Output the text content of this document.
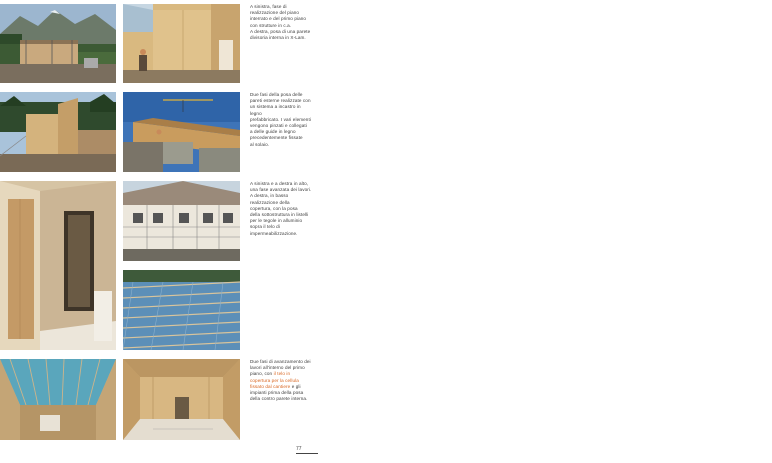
A sinistra, fase di
realizzazione del piano
interrato e del primo piano
con strutture in c.a.
A destra, posa di una parete
divisoria interna in X-Lam.
Due fasi della posa delle
pareti esterne realizzate con
un sistema a incastro in legno
prefabbricato. I vari elementi
vengono pinzati e collegati
a delle guide in legno
precedentemente fissate
al solaio.
A sinistra e a destra in alto,
una fase avanzata dei lavori.
A destra, in basso
realizzazione della
copertura, con la posa
della sottostruttura in listelli
per le tegole in alluminio
sopra il telo di
impermeabilizzazione.
Due fasi di avanzamento dei
lavori all'interno del primo
piano, con il telo in
copertura per la cellula
fissato dal cantiere e gli
impianti prima della posa
della contro parete interna.
77
